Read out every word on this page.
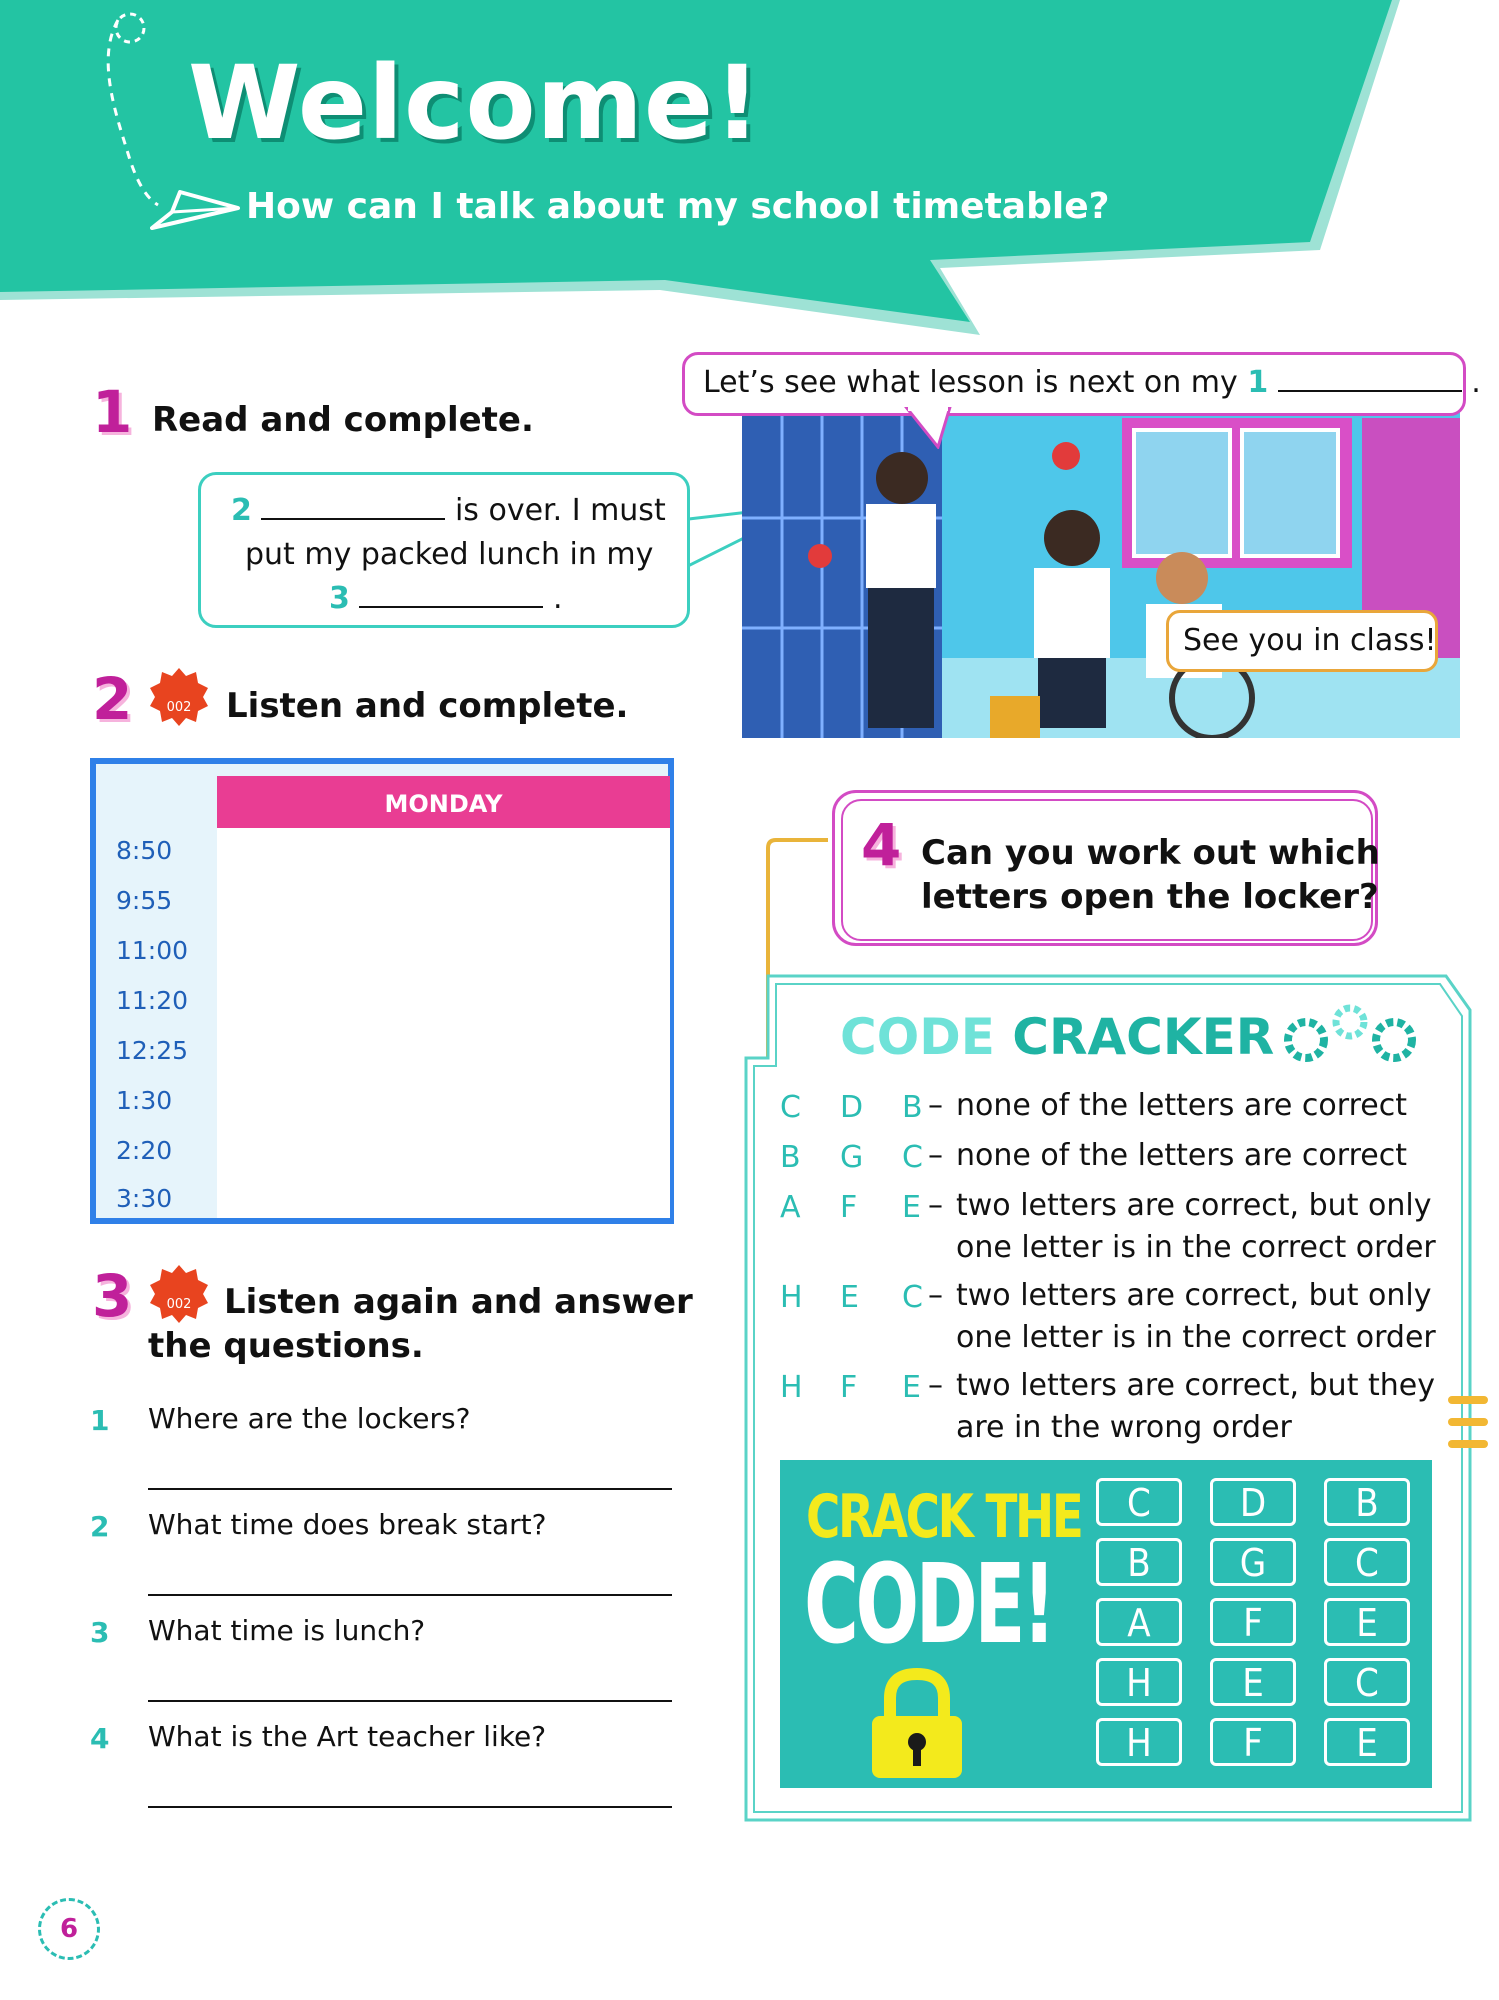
Welcome!
How can I talk about my school timetable?
1 Read and complete.
2	is over. I must
put my packed lunch in my
3	.
Let’s see what lesson is next on my 1	.
See you in class!
2	002 Listen and complete.
MONDAY
8:50
9:55
11:00
11:20
12:25
1:30
2:20
3:30
3	002 Listen again and answer
the questions.
1 Where are the lockers?
2 What time does break start?
3 What time is lunch?
4 What is the Art teacher like?
4 Can you work out which
letters open the locker?
CODE CRACKER
C D B – none of the letters are correct
B G C – none of the letters are correct
A F E – two letters are correct, but only
one letter is in the correct order
H E C – two letters are correct, but only
one letter is in the correct order
H F E – two letters are correct, but they
are in the wrong order
CRACK THE
CODE!
C	D	B
B	G	C
A	F	E
H	E	C
H	F	E
6
